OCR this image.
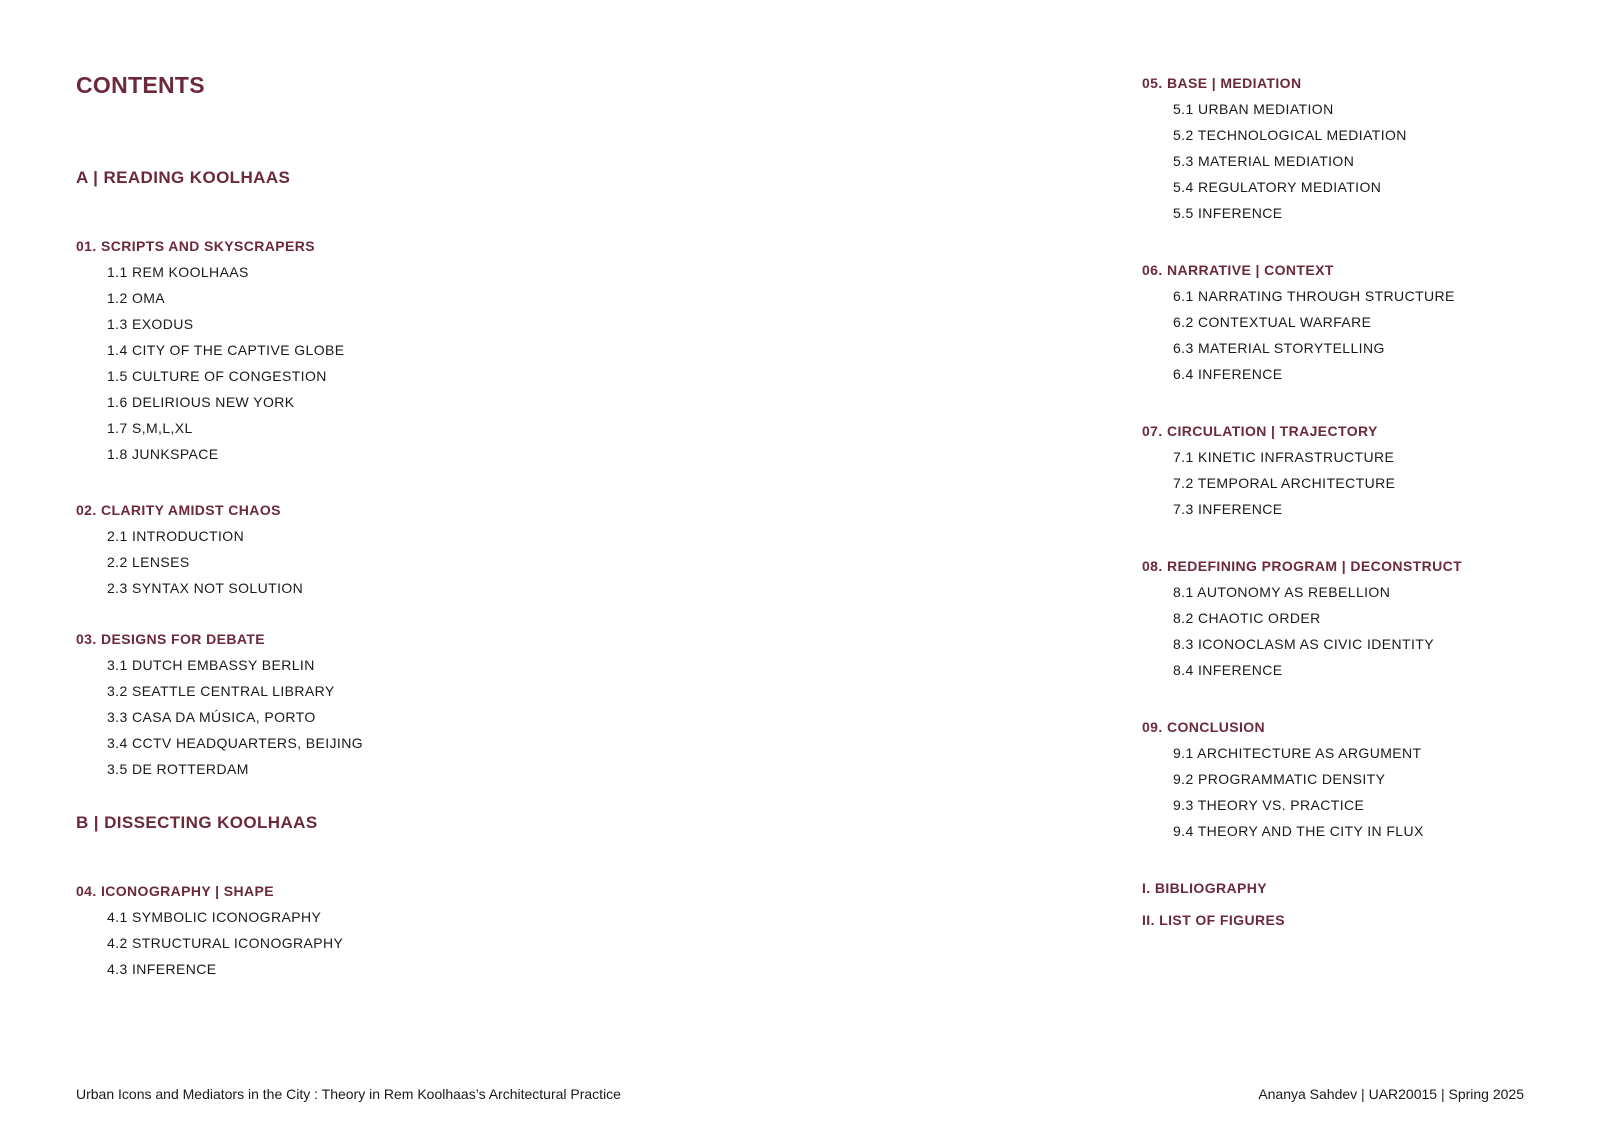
CONTENTS
A | READING KOOLHAAS
01. SCRIPTS AND SKYSCRAPERS
1.1 REM KOOLHAAS
1.2 OMA
1.3 EXODUS
1.4 CITY OF THE CAPTIVE GLOBE
1.5 CULTURE OF CONGESTION
1.6 DELIRIOUS NEW YORK
1.7 S,M,L,XL
1.8 JUNKSPACE
02. CLARITY AMIDST CHAOS
2.1 INTRODUCTION
2.2 LENSES
2.3 SYNTAX NOT SOLUTION
03. DESIGNS FOR DEBATE
3.1 DUTCH EMBASSY BERLIN
3.2 SEATTLE CENTRAL LIBRARY
3.3 CASA DA MÚSICA, PORTO
3.4 CCTV HEADQUARTERS, BEIJING
3.5 DE ROTTERDAM
B | DISSECTING KOOLHAAS
04. ICONOGRAPHY | SHAPE
4.1 SYMBOLIC ICONOGRAPHY
4.2 STRUCTURAL ICONOGRAPHY
4.3 INFERENCE
05. BASE | MEDIATION
5.1 URBAN MEDIATION
5.2 TECHNOLOGICAL MEDIATION
5.3 MATERIAL MEDIATION
5.4 REGULATORY MEDIATION
5.5 INFERENCE
06. NARRATIVE | CONTEXT
6.1 NARRATING THROUGH STRUCTURE
6.2 CONTEXTUAL WARFARE
6.3 MATERIAL STORYTELLING
6.4 INFERENCE
07. CIRCULATION | TRAJECTORY
7.1 KINETIC INFRASTRUCTURE
7.2 TEMPORAL ARCHITECTURE
7.3 INFERENCE
08. REDEFINING PROGRAM | DECONSTRUCT
8.1 AUTONOMY AS REBELLION
8.2 CHAOTIC ORDER
8.3 ICONOCLASM AS CIVIC IDENTITY
8.4 INFERENCE
09. CONCLUSION
9.1 ARCHITECTURE AS ARGUMENT
9.2 PROGRAMMATIC DENSITY
9.3 THEORY VS. PRACTICE
9.4 THEORY AND THE CITY IN FLUX
I. BIBLIOGRAPHY
II. LIST OF FIGURES
Urban Icons and Mediators in the City : Theory in Rem Koolhaas’s Architectural Practice	Ananya Sahdev | UAR20015 | Spring 2025
